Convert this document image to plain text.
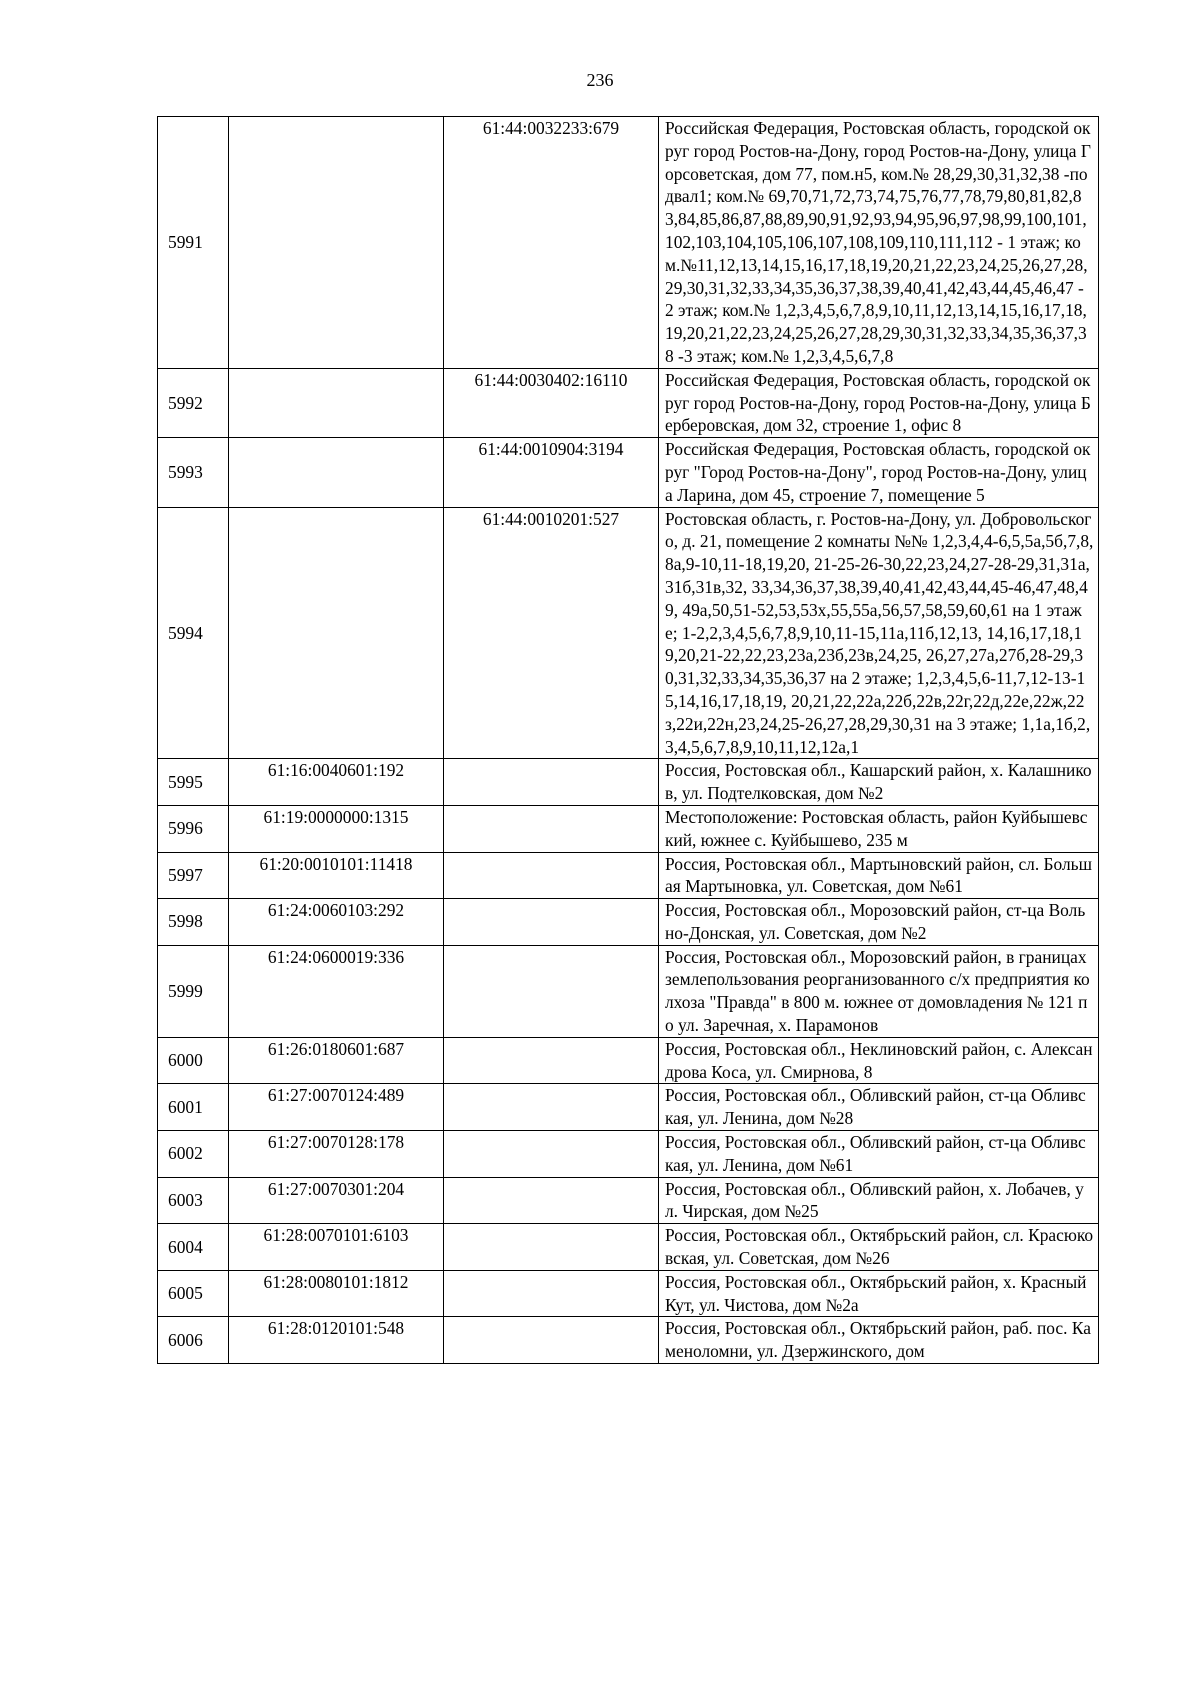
236
5991		61:44:0032233:679	Российская Федерация, Ростовская область, городской округ город Ростов-на-Дону, город Ростов-на-Дону, улица Горсоветская, дом 77, пом.н5, ком.№ 28,29,30,31,32,38 -подвал1; ком.№ 69,70,71,72,73,74,75,76,77,78,79,80,81,82,83,84,85,86,87,88,89,90,91,92,93,94,95,96,97,98,99,100,101,102,103,104,105,106,107,108,109,110,111,112 - 1 этаж; ком.№11,12,13,14,15,16,17,18,19,20,21,22,23,24,25,26,27,28,29,30,31,32,33,34,35,36,37,38,39,40,41,42,43,44,45,46,47 - 2 этаж; ком.№ 1,2,3,4,5,6,7,8,9,10,11,12,13,14,15,16,17,18,19,20,21,22,23,24,25,26,27,28,29,30,31,32,33,34,35,36,37,38 -3 этаж; ком.№ 1,2,3,4,5,6,7,8
5992		61:44:0030402:16110	Российская Федерация, Ростовская область, городской округ город Ростов-на-Дону, город Ростов-на-Дону, улица Берберовская, дом 32, строение 1, офис 8
5993		61:44:0010904:3194	Российская Федерация, Ростовская область, городской округ "Город Ростов-на-Дону", город Ростов-на-Дону, улица Ларина, дом 45, строение 7, помещение 5
5994		61:44:0010201:527	Ростовская область, г. Ростов-на-Дону, ул. Добровольского, д. 21, помещение 2 комнаты №№ 1,2,3,4,4-6,5,5а,5б,7,8,8а,9-10,11-18,19,20, 21-25-26-30,22,23,24,27-28-29,31,31а,31б,31в,32, 33,34,36,37,38,39,40,41,42,43,44,45-46,47,48,49, 49а,50,51-52,53,53х,55,55а,56,57,58,59,60,61 на 1 этаже; 1-2,2,3,4,5,6,7,8,9,10,11-15,11а,11б,12,13, 14,16,17,18,19,20,21-22,22,23,23а,23б,23в,24,25, 26,27,27а,27б,28-29,30,31,32,33,34,35,36,37 на 2 этаже; 1,2,3,4,5,6-11,7,12-13-15,14,16,17,18,19, 20,21,22,22а,22б,22в,22г,22д,22е,22ж,22з,22и,22н,23,24,25-26,27,28,29,30,31 на 3 этаже; 1,1а,1б,2,3,4,5,6,7,8,9,10,11,12,12а,1
5995	61:16:0040601:192		Россия, Ростовская обл., Кашарский район, х. Калашников, ул. Подтелковская, дом №2
5996	61:19:0000000:1315		Местоположение: Ростовская область, район Куйбышевский, южнее с. Куйбышево, 235 м
5997	61:20:0010101:11418		Россия, Ростовская обл., Мартыновский район, сл. Большая Мартыновка, ул. Советская, дом №61
5998	61:24:0060103:292		Россия, Ростовская обл., Морозовский район, ст-ца Вольно-Донская, ул. Советская, дом №2
5999	61:24:0600019:336		Россия, Ростовская обл., Морозовский район, в границах землепользования реорганизованного с/х предприятия колхоза "Правда" в 800 м. южнее от домовладения № 121 по ул. Заречная, х. Парамонов
6000	61:26:0180601:687		Россия, Ростовская обл., Неклиновский район, с. Александрова Коса, ул. Смирнова, 8
6001	61:27:0070124:489		Россия, Ростовская обл., Обливский район, ст-ца Обливская, ул. Ленина, дом №28
6002	61:27:0070128:178		Россия, Ростовская обл., Обливский район, ст-ца Обливская, ул. Ленина, дом №61
6003	61:27:0070301:204		Россия, Ростовская обл., Обливский район, х. Лобачев, ул. Чирская, дом №25
6004	61:28:0070101:6103		Россия, Ростовская обл., Октябрьский район, сл. Красюковская, ул. Советская, дом №26
6005	61:28:0080101:1812		Россия, Ростовская обл., Октябрьский район, х. Красный Кут, ул. Чистова, дом №2а
6006	61:28:0120101:548		Россия, Ростовская обл., Октябрьский район, раб. пос. Каменоломни, ул. Дзержинского, дом
